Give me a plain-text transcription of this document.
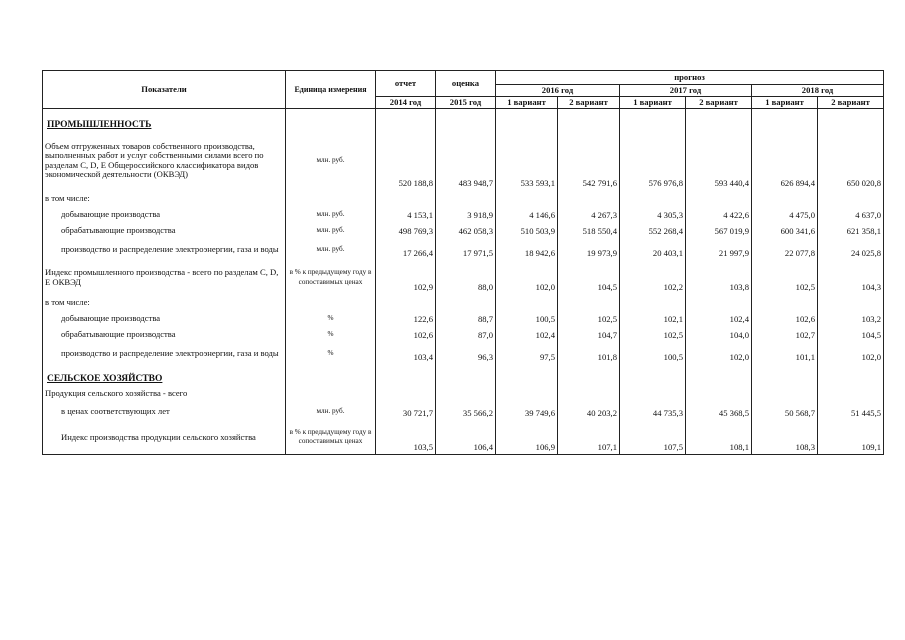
Показатели	Единица измерения	отчет	оценка	прогноз					
				2016 год		2017 год		2018 год	
		2014 год	2015 год	1 вариант	2 вариант	1 вариант	2 вариант	1 вариант	2 вариант
ПРОМЫШЛЕННОСТЬ									
Объем отгруженных товаров собственного производства, выполненных работ и услуг собственными силами всего по разделам C, D, E Общероссийского классификатора видов экономической деятельности (ОКВЭД)	млн. руб.	520 188,8	483 948,7	533 593,1	542 791,6	576 976,8	593 440,4	626 894,4	650 020,8
в том числе:									
добывающие производства	млн. руб.	4 153,1	3 918,9	4 146,6	4 267,3	4 305,3	4 422,6	4 475,0	4 637,0
обрабатывающие производства	млн. руб.	498 769,3	462 058,3	510 503,9	518 550,4	552 268,4	567 019,9	600 341,6	621 358,1
производство и распределение электроэнергии, газа и воды	млн. руб.	17 266,4	17 971,5	18 942,6	19 973,9	20 403,1	21 997,9	22 077,8	24 025,8
Индекс промышленного производства - всего по разделам C, D, E ОКВЭД	в % к предыдущему году в сопоставимых ценах	102,9	88,0	102,0	104,5	102,2	103,8	102,5	104,3
в том числе:									
добывающие производства	%	122,6	88,7	100,5	102,5	102,1	102,4	102,6	103,2
обрабатывающие производства	%	102,6	87,0	102,4	104,7	102,5	104,0	102,7	104,5
производство и распределение электроэнергии, газа и воды	%	103,4	96,3	97,5	101,8	100,5	102,0	101,1	102,0
СЕЛЬСКОЕ ХОЗЯЙСТВО									
Продукция сельского хозяйства - всего									
в ценах соответствующих лет	млн. руб.	30 721,7	35 566,2	39 749,6	40 203,2	44 735,3	45 368,5	50 568,7	51 445,5
Индекс производства продукции сельского хозяйства	в % к предыдущему году в сопоставимых ценах	103,5	106,4	106,9	107,1	107,5	108,1	108,3	109,1
